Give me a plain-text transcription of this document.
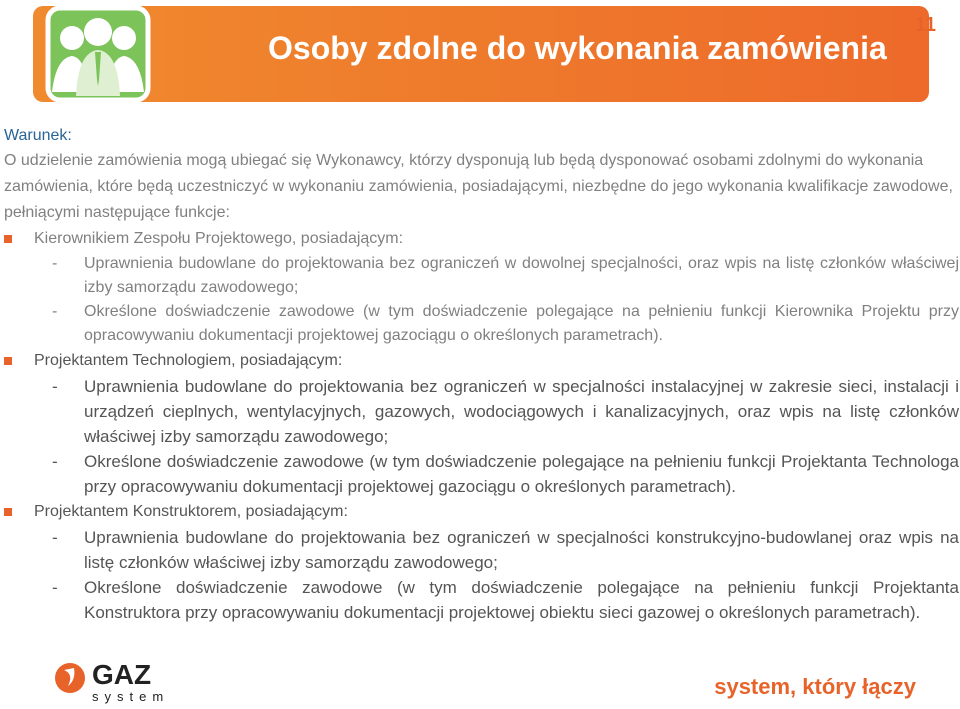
Osoby zdolne do wykonania zamówienia
11
Warunek:
O udzielenie zamówienia mogą ubiegać się Wykonawcy, którzy dysponują lub będą dysponować osobami zdolnymi do wykonania zamówienia, które będą uczestniczyć w wykonaniu zamówienia, posiadającymi, niezbędne do jego wykonania kwalifikacje zawodowe, pełniącymi następujące funkcje:
Kierownikiem Zespołu Projektowego, posiadającym:
- Uprawnienia budowlane do projektowania bez ograniczeń w dowolnej specjalności, oraz wpis na listę członków właściwej izby samorządu zawodowego;
- Określone doświadczenie zawodowe (w tym doświadczenie polegające na pełnieniu funkcji Kierownika Projektu przy opracowywaniu dokumentacji projektowej gazociągu o określonych parametrach).
Projektantem Technologiem, posiadającym:
- Uprawnienia budowlane do projektowania bez ograniczeń w specjalności instalacyjnej w zakresie sieci, instalacji i urządzeń cieplnych, wentylacyjnych, gazowych, wodociągowych i kanalizacyjnych, oraz wpis na listę członków właściwej izby samorządu zawodowego;
- Określone doświadczenie zawodowe (w tym doświadczenie polegające na pełnieniu funkcji Projektanta Technologa przy opracowywaniu dokumentacji projektowej gazociągu o określonych parametrach).
Projektantem Konstruktorem, posiadającym:
- Uprawnienia budowlane do projektowania bez ograniczeń w specjalności konstrukcyjno-budowlanej oraz wpis na listę członków właściwej izby samorządu zawodowego;
- Określone doświadczenie zawodowe (w tym doświadczenie polegające na pełnieniu funkcji Projektanta Konstruktora przy opracowywaniu dokumentacji projektowej obiektu sieci gazowej o określonych parametrach).
GAZ
system	system, który łączy
